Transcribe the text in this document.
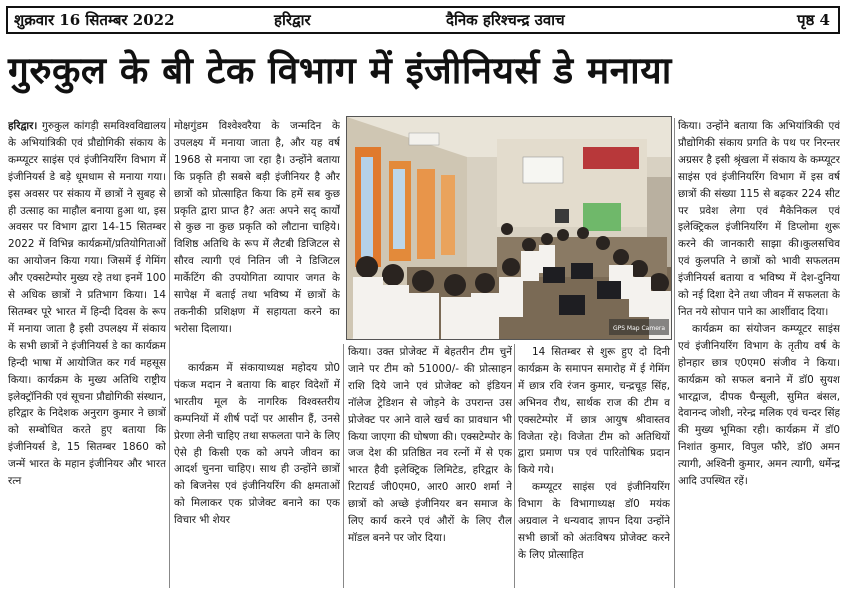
शुक्रवार 16 सितम्बर 2022	हरिद्वार	दैनिक हरिश्चन्द्र उवाच	पृष्ठ 4
गुरुकुल के बी टेक विभाग में इंजीनियर्स डे मनाया

हरिद्वार। गुरुकुल कांगड़ी समविश्वविद्यालय के अभियांत्रिकी एवं प्रौद्योगिकी संकाय के कम्प्यूटर साइंस एवं इंजीनियरिंग विभाग में इंजीनियर्स डे बड़े धूमधाम से मनाया गया। इस अवसर पर संकाय में छात्रों ने सुबह से ही उत्साह का माहौल बनाया हुआ था, इस अवसर पर विभाग द्वारा 14-15 सितम्बर 2022 में विभिन्न कार्यक्रमों/प्रतियोगिताओं का आयोजन किया गया। जिसमें ई गेमिंग और एक्सटेम्पोर मुख्य रहे तथा इनमें 100 से अधिक छात्रों ने प्रतिभाग किया। 14 सितम्बर पूरे भारत में हिन्दी दिवस के रूप में मनाया जाता है इसी उपलक्ष्य में संकाय के सभी छात्रों ने इंजीनियर्स डे का कार्यक्रम हिन्दी भाषा में आयोजित कर गर्व महसूस किया। कार्यक्रम के मुख्य अतिथि राष्ट्रीय इलेक्ट्रॉनिकी एवं सूचना प्रौद्योगिकी संस्थान, हरिद्वार के निदेशक अनुराग कुमार ने छात्रों को सम्बोधित करते हुए बताया कि इंजीनियर्स डे, 15 सितम्बर 1860 को जन्में भारत के महान इंजीनियर और भारत रत्न

मोक्षगुंडम विश्वेश्वरैया के जन्मदिन के उपलक्ष्य में मनाया जाता है, और यह वर्ष 1968 से मनाया जा रहा है। उन्होंने बताया कि प्रकृति ही सबसे बड़ी इंजीनियर है और छात्रों को प्रोत्साहित किया कि हमें सब कुछ प्रकृति द्वारा प्राप्त है? अतः अपने सद् कार्यों से कुछ ना कुछ प्रकृति को लौटाना चाहिये। विशिष्ठ अतिथि के रूप में लैटबी डिजिटल से सौरव त्यागी एवं नितिन जी ने डिजिटल मार्केटिंग की उपयोगिता व्यापार जगत के सापेक्ष में बताई तथा भविष्य में छात्रों के तकनीकी प्रशिक्षण में सहायता करने का भरोसा दिलाया।

कार्यक्रम में संकायाध्यक्ष महोदय प्रो0 पंकज मदान ने बताया कि बाहर विदेशों में भारतीय मूल के नागरिक विश्वस्तरीय कम्पनियों में शीर्ष पदों पर आसीन हैं, उनसे प्रेरणा लेनी चाहिए तथा सफलता पाने के लिए ऐसे ही किसी एक को अपने जीवन का आदर्श चुनना चाहिए। साथ ही उन्होंने छात्रों को बिजनेस एवं इंजीनियरिंग की क्षमताओं को मिलाकर एक प्रोजेक्ट बनाने का एक विचार भी शेयर

GPS Map Camera

किया। उक्त प्रोजेक्ट में बेहतरीन टीम चुनें जाने पर टीम को 51000/- की प्रोत्साहन राशि दिये जाने एवं प्रोजेक्ट को इंडियन नॉलेज ट्रेडिशन से जोड़ने के उपरान्त उस प्रोजेक्ट पर आने वाले खर्च का प्रावधान भी किया जाएगा की घोषणा की। एक्सटेम्पोर के जज देश की प्रतिष्ठित नव रत्नों में से एक भारत हैवी इलेक्ट्रिक लिमिटेड, हरिद्वार के रिटायर्ड जी0एम0, आर0 आर0 शर्मा ने छात्रों को अच्छे इंजीनियर बन समाज के लिए कार्य करने एवं औरों के लिए रौल मॉडल बनने पर जोर दिया।

14 सितम्बर से शुरू हुए दो दिनी कार्यक्रम के समापन समारोह में ई गेमिंग में छात्र रवि रंजन कुमार, चन्द्रचूड़ सिंह, अभिनव रौथ, सार्थक राज की टीम व एक्सटेम्पोर में छात्र आयुष श्रीवास्तव विजेता रहे। विजेता टीम को अतिथियों द्वारा प्रमाण पत्र एवं पारितोषिक प्रदान किये गये।

कम्प्यूटर साइंस एवं इंजीनियरिंग विभाग के विभागाध्यक्ष डॉ0 मयंक अग्रवाल ने धन्यवाद ज्ञापन दिया उन्होंने सभी छात्रों को अंतःविषय प्रोजेक्ट करने के लिए प्रोत्साहित

किया। उन्होंने बताया कि अभियांत्रिकी एवं प्रौद्योगिकी संकाय प्रगति के पथ पर निरन्तर अग्रसर है इसी श्रृंखला में संकाय के कम्प्यूटर साइंस एवं इंजीनियरिंग विभाग में इस वर्ष छात्रों की संख्या 115 से बढ़कर 224 सीट पर प्रवेश लेगा एवं मैकेनिकल एवं इलेक्ट्रिकल इंजीनियरिंग में डिप्लोमा शुरू करने की जानकारी साझा की।कुलसचिव एवं कुलपति ने छात्रों को भावी सफलतम इंजीनियर्स बताया व भविष्य में देश-दुनिया को नई दिशा देने तथा जीवन में सफलता के नित नये सोपान पाने का आर्शीवाद दिया।

कार्यक्रम का संयोजन कम्प्यूटर साइंस एवं इंजीनियरिंग विभाग के तृतीय वर्ष के होनहार छात्र ए0एम0 संजीव ने किया। कार्यक्रम को सफल बनाने में डॉ0 सुयश भारद्वाज, दीपक घैन्सूली, सुमित बंसल, देवानन्द जोशी, नरेन्द्र मलिक एवं चन्दर सिंह की मुख्य भूमिका रही। कार्यक्रम में डॉ0 निशांत कुमार, विपुल फौरे, डॉ0 अमन त्यागी, अश्विनी कुमार, अमन त्यागी, धर्मेन्द्र आदि उपस्थित रहें।
